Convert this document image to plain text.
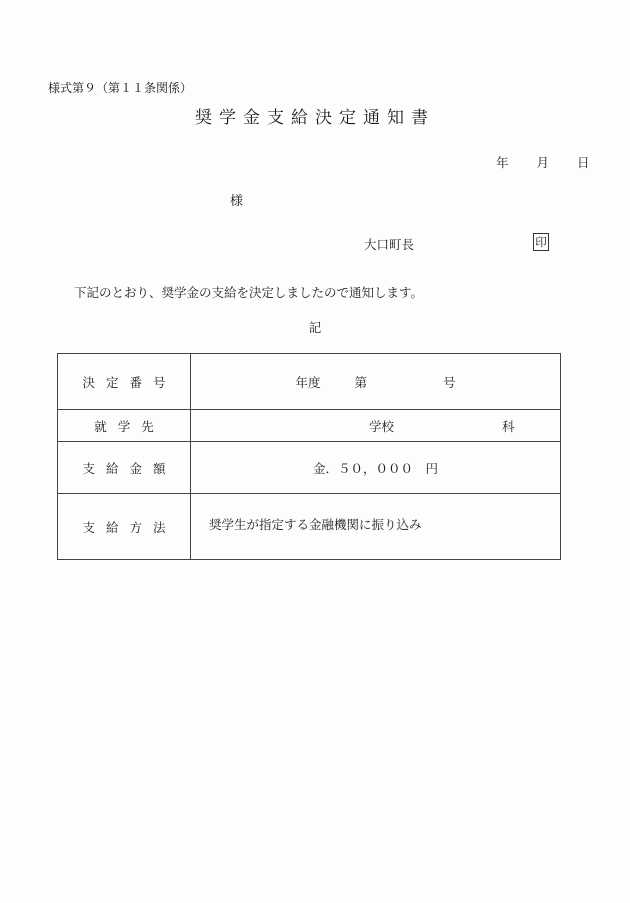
様式第９（第１１条関係）
奨学金支給決定通知書
年 月 日
様
大口町長	印
下記のとおり、奨学金の支給を決定しましたので通知します。
記
決定番号	年度 第 号
就学先	学校 科
支給金額	金．５０，０００　円
支給方法	奨学生が指定する金融機関に振り込み
